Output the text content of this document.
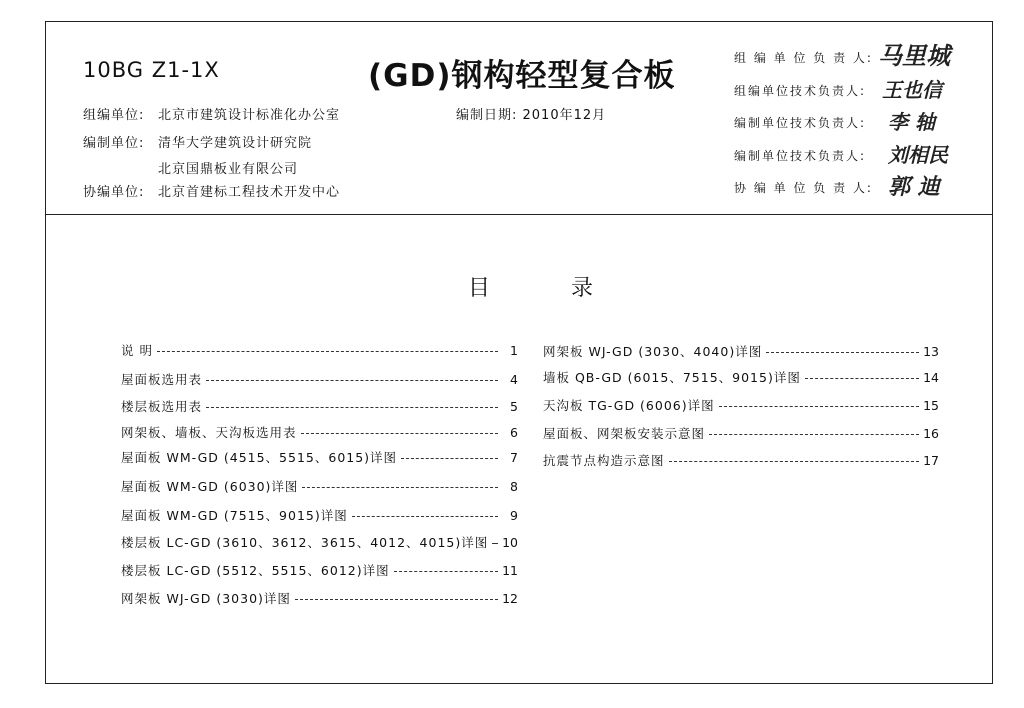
10BG Z1-1X	(GD)钢构轻型复合板
组编单位: 北京市建筑设计标准化办公室
编制单位: 清华大学建筑设计研究院
北京国鼎板业有限公司
协编单位: 北京首建标工程技术开发中心
编制日期: 2010年12月
组 编 单 位 负 责 人: 马里城
组编单位技术负责人: 王也信
编制单位技术负责人: 李 轴
编制单位技术负责人: 刘相民
协 编 单 位 负 责 人: 郭 迪
目	录
说 明	1
屋面板选用表	4
楼层板选用表	5
网架板、墙板、天沟板选用表	6
屋面板 WM-GD (4515、5515、6015)详图	7
屋面板 WM-GD (6030)详图	8
屋面板 WM-GD (7515、9015)详图	9
楼层板 LC-GD (3610、3612、3615、4012、4015)详图 10
楼层板 LC-GD (5512、5515、6012)详图	11
网架板 WJ-GD (3030)详图	12
网架板 WJ-GD (3030、4040)详图	13
墙板 QB-GD (6015、7515、9015)详图	14
天沟板 TG-GD (6006)详图	15
屋面板、网架板安装示意图	16
抗震节点构造示意图	17
